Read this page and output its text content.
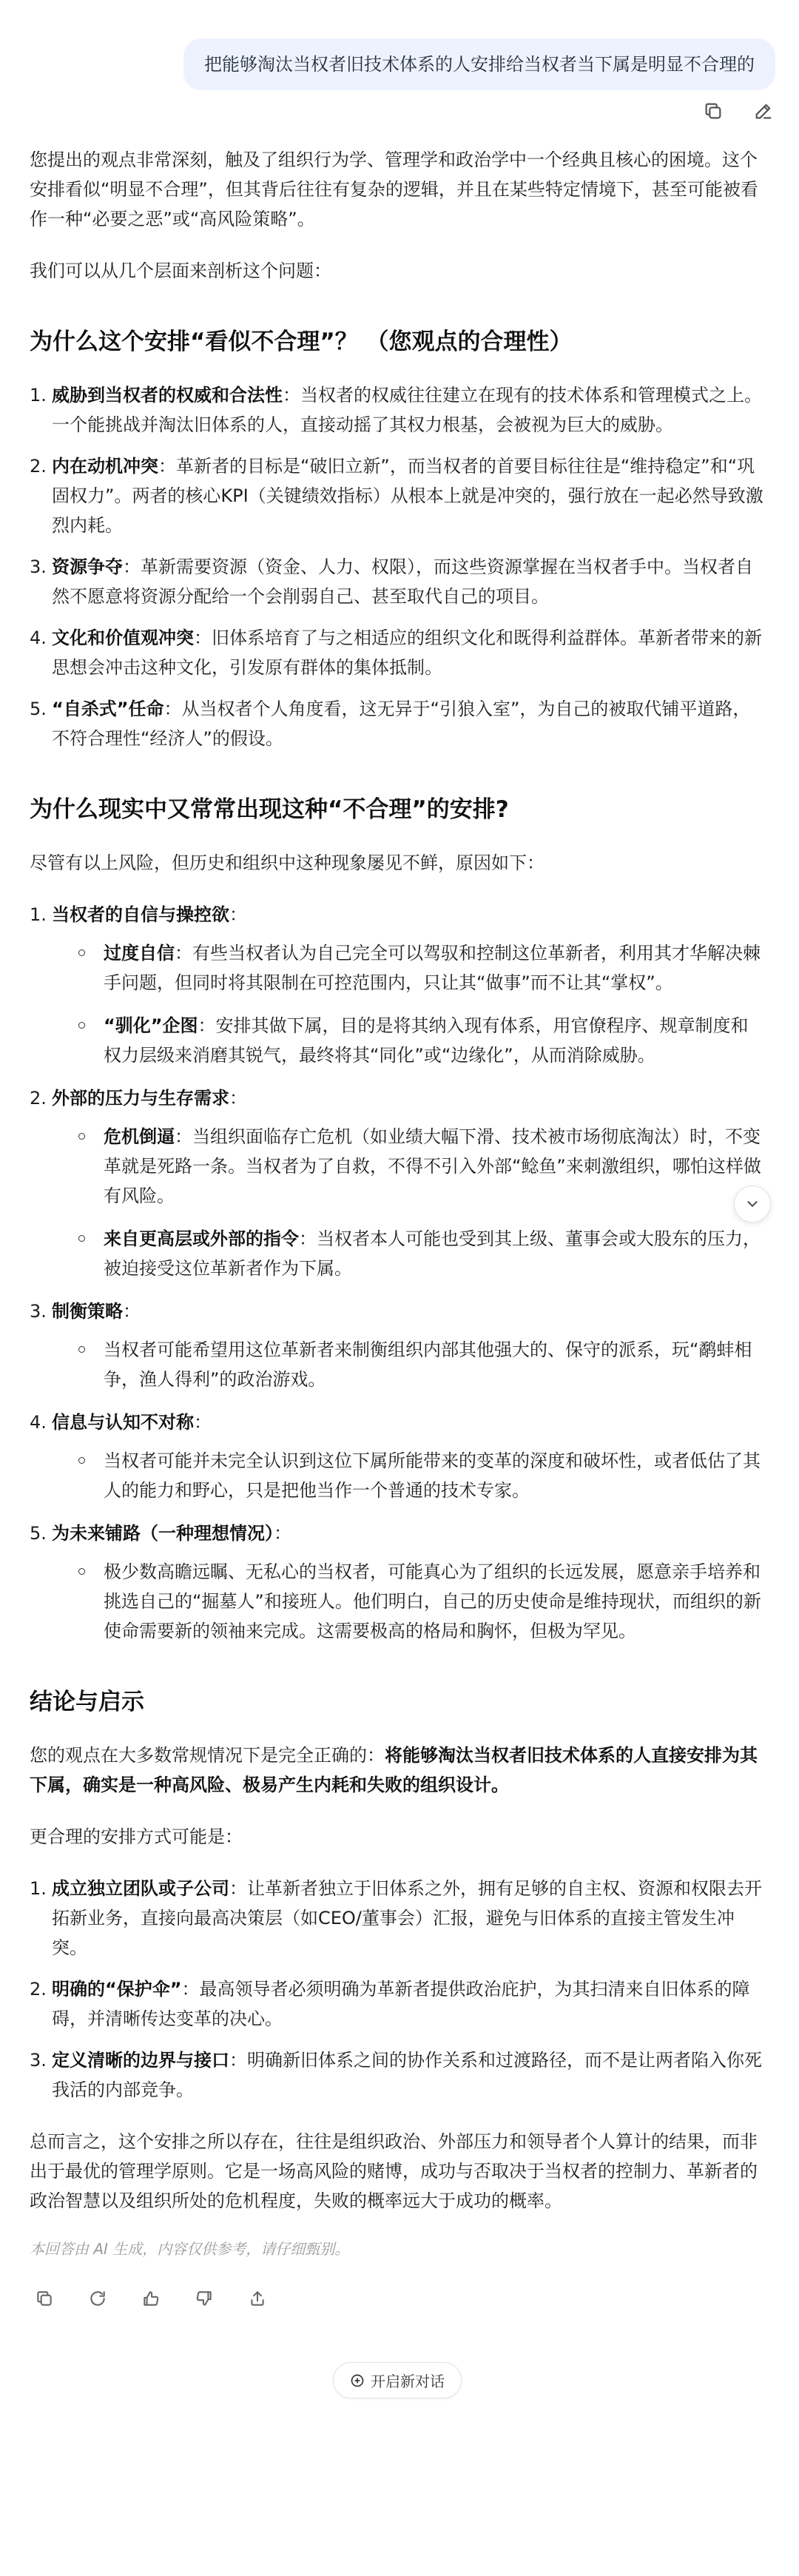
把能够淘汰当权者旧技术体系的人安排给当权者当下属是明显不合理的

您提出的观点非常深刻，触及了组织行为学、管理学和政治学中一个经典且核心的困境。这个安排看似“明显不合理”，但其背后往往有复杂的逻辑，并且在某些特定情境下，甚至可能被看作一种“必要之恶”或“高风险策略”。

我们可以从几个层面来剖析这个问题：

为什么这个安排“看似不合理”？ （您观点的合理性）
1. 威胁到当权者的权威和合法性：当权者的权威往往建立在现有的技术体系和管理模式之上。一个能挑战并淘汰旧体系的人，直接动摇了其权力根基，会被视为巨大的威胁。
2. 内在动机冲突：革新者的目标是“破旧立新”，而当权者的首要目标往往是“维持稳定”和“巩固权力”。两者的核心KPI（关键绩效指标）从根本上就是冲突的，强行放在一起必然导致激烈内耗。
3. 资源争夺：革新需要资源（资金、人力、权限），而这些资源掌握在当权者手中。当权者自然不愿意将资源分配给一个会削弱自己、甚至取代自己的项目。
4. 文化和价值观冲突：旧体系培育了与之相适应的组织文化和既得利益群体。革新者带来的新思想会冲击这种文化，引发原有群体的集体抵制。
5. “自杀式”任命：从当权者个人角度看，这无异于“引狼入室”，为自己的被取代铺平道路，不符合理性“经济人”的假设。
为什么现实中又常常出现这种“不合理”的安排?

尽管有以上风险，但历史和组织中这种现象屡见不鲜，原因如下：

1. 当权者的自信与操控欲：
过度自信：有些当权者认为自己完全可以驾驭和控制这位革新者，利用其才华解决棘手问题，但同时将其限制在可控范围内，只让其“做事”而不让其“掌权”。
“驯化”企图：安排其做下属，目的是将其纳入现有体系，用官僚程序、规章制度和权力层级来消磨其锐气，最终将其“同化”或“边缘化”，从而消除威胁。
2. 外部的压力与生存需求：
危机倒逼：当组织面临存亡危机（如业绩大幅下滑、技术被市场彻底淘汰）时，不变革就是死路一条。当权者为了自救，不得不引入外部“鲶鱼”来刺激组织，哪怕这样做有风险。
来自更高层或外部的指令：当权者本人可能也受到其上级、董事会或大股东的压力，被迫接受这位革新者作为下属。
3. 制衡策略：
当权者可能希望用这位革新者来制衡组织内部其他强大的、保守的派系，玩“鹬蚌相争，渔人得利”的政治游戏。
4. 信息与认知不对称：
当权者可能并未完全认识到这位下属所能带来的变革的深度和破坏性，或者低估了其人的能力和野心，只是把他当作一个普通的技术专家。
5. 为未来铺路（一种理想情况）：
极少数高瞻远瞩、无私心的当权者，可能真心为了组织的长远发展，愿意亲手培养和挑选自己的“掘墓人”和接班人。他们明白，自己的历史使命是维持现状，而组织的新使命需要新的领袖来完成。这需要极高的格局和胸怀，但极为罕见。
结论与启示

您的观点在大多数常规情况下是完全正确的：将能够淘汰当权者旧技术体系的人直接安排为其下属，确实是一种高风险、极易产生内耗和失败的组织设计。

更合理的安排方式可能是：

1. 成立独立团队或子公司：让革新者独立于旧体系之外，拥有足够的自主权、资源和权限去开拓新业务，直接向最高决策层（如CEO/董事会）汇报，避免与旧体系的直接主管发生冲突。
2. 明确的“保护伞”：最高领导者必须明确为革新者提供政治庇护，为其扫清来自旧体系的障碍，并清晰传达变革的决心。
3. 定义清晰的边界与接口：明确新旧体系之间的协作关系和过渡路径，而不是让两者陷入你死我活的内部竞争。

总而言之，这个安排之所以存在，往往是组织政治、外部压力和领导者个人算计的结果，而非出于最优的管理学原则。它是一场高风险的赌博，成功与否取决于当权者的控制力、革新者的政治智慧以及组织所处的危机程度，失败的概率远大于成功的概率。

本回答由 AI 生成，内容仅供参考，请仔细甄别。
开启新对话
